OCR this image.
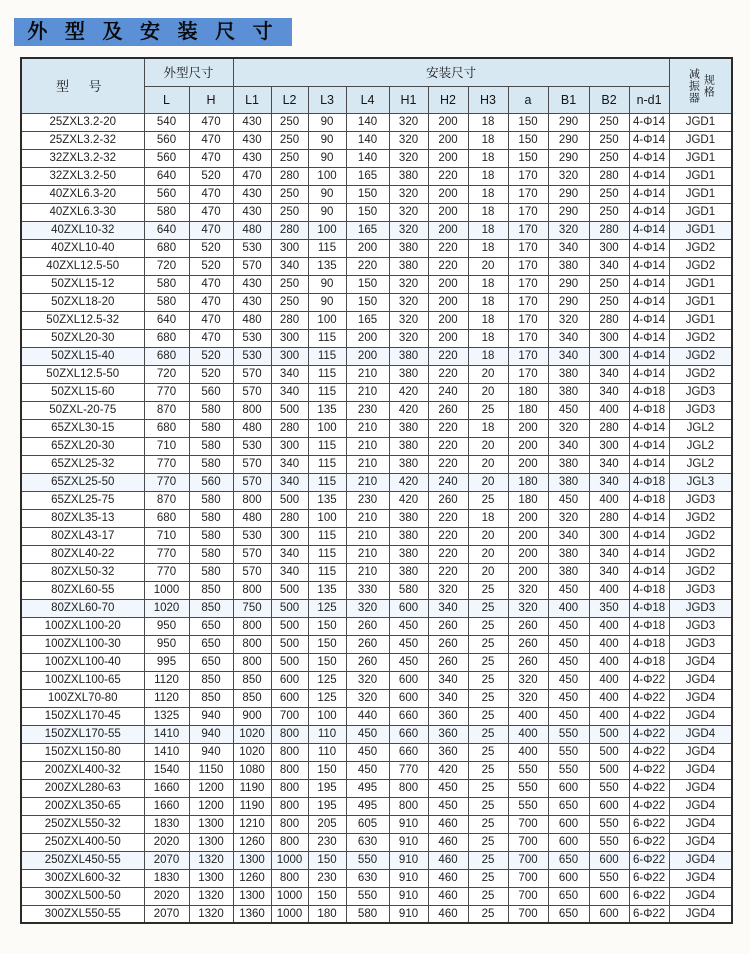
外 型 及 安 装 尺 寸
型 号	外型尺寸		安装尺寸											减振器 规格
	L	H	L1	L2	L3	L4	H1	H2	H3	a	B1	B2	n-d1	
25ZXL3.2-20	540	470	430	250	90	140	320	200	18	150	290	250	4-Φ14	JGD1
25ZXL3.2-32	560	470	430	250	90	140	320	200	18	150	290	250	4-Φ14	JGD1
32ZXL3.2-32	560	470	430	250	90	140	320	200	18	150	290	250	4-Φ14	JGD1
32ZXL3.2-50	640	520	470	280	100	165	380	220	18	170	320	280	4-Φ14	JGD1
40ZXL6.3-20	560	470	430	250	90	150	320	200	18	170	290	250	4-Φ14	JGD1
40ZXL6.3-30	580	470	430	250	90	150	320	200	18	170	290	250	4-Φ14	JGD1
40ZXL10-32	640	470	480	280	100	165	320	200	18	170	320	280	4-Φ14	JGD1
40ZXL10-40	680	520	530	300	115	200	380	220	18	170	340	300	4-Φ14	JGD2
40ZXL12.5-50	720	520	570	340	135	220	380	220	20	170	380	340	4-Φ14	JGD2
50ZXL15-12	580	470	430	250	90	150	320	200	18	170	290	250	4-Φ14	JGD1
50ZXL18-20	580	470	430	250	90	150	320	200	18	170	290	250	4-Φ14	JGD1
50ZXL12.5-32	640	470	480	280	100	165	320	200	18	170	320	280	4-Φ14	JGD1
50ZXL20-30	680	470	530	300	115	200	320	200	18	170	340	300	4-Φ14	JGD2
50ZXL15-40	680	520	530	300	115	200	380	220	18	170	340	300	4-Φ14	JGD2
50ZXL12.5-50	720	520	570	340	115	210	380	220	20	170	380	340	4-Φ14	JGD2
50ZXL15-60	770	560	570	340	115	210	420	240	20	180	380	340	4-Φ18	JGD3
50ZXL-20-75	870	580	800	500	135	230	420	260	25	180	450	400	4-Φ18	JGD3
65ZXL30-15	680	580	480	280	100	210	380	220	18	200	320	280	4-Φ14	JGL2
65ZXL20-30	710	580	530	300	115	210	380	220	20	200	340	300	4-Φ14	JGL2
65ZXL25-32	770	580	570	340	115	210	380	220	20	200	380	340	4-Φ14	JGL2
65ZXL25-50	770	560	570	340	115	210	420	240	20	180	380	340	4-Φ18	JGL3
65ZXL25-75	870	580	800	500	135	230	420	260	25	180	450	400	4-Φ18	JGD3
80ZXL35-13	680	580	480	280	100	210	380	220	18	200	320	280	4-Φ14	JGD2
80ZXL43-17	710	580	530	300	115	210	380	220	20	200	340	300	4-Φ14	JGD2
80ZXL40-22	770	580	570	340	115	210	380	220	20	200	380	340	4-Φ14	JGD2
80ZXL50-32	770	580	570	340	115	210	380	220	20	200	380	340	4-Φ14	JGD2
80ZXL60-55	1000	850	800	500	135	330	580	320	25	320	450	400	4-Φ18	JGD3
80ZXL60-70	1020	850	750	500	125	320	600	340	25	320	400	350	4-Φ18	JGD3
100ZXL100-20	950	650	800	500	150	260	450	260	25	260	450	400	4-Φ18	JGD3
100ZXL100-30	950	650	800	500	150	260	450	260	25	260	450	400	4-Φ18	JGD3
100ZXL100-40	995	650	800	500	150	260	450	260	25	260	450	400	4-Φ18	JGD4
100ZXL100-65	1120	850	850	600	125	320	600	340	25	320	450	400	4-Φ22	JGD4
100ZXL70-80	1120	850	850	600	125	320	600	340	25	320	450	400	4-Φ22	JGD4
150ZXL170-45	1325	940	900	700	100	440	660	360	25	400	450	400	4-Φ22	JGD4
150ZXL170-55	1410	940	1020	800	110	450	660	360	25	400	550	500	4-Φ22	JGD4
150ZXL150-80	1410	940	1020	800	110	450	660	360	25	400	550	500	4-Φ22	JGD4
200ZXL400-32	1540	1150	1080	800	150	450	770	420	25	550	550	500	4-Φ22	JGD4
200ZXL280-63	1660	1200	1190	800	195	495	800	450	25	550	600	550	4-Φ22	JGD4
200ZXL350-65	1660	1200	1190	800	195	495	800	450	25	550	650	600	4-Φ22	JGD4
250ZXL550-32	1830	1300	1210	800	205	605	910	460	25	700	600	550	6-Φ22	JGD4
250ZXL400-50	2020	1300	1260	800	230	630	910	460	25	700	600	550	6-Φ22	JGD4
250ZXL450-55	2070	1320	1300	1000	150	550	910	460	25	700	650	600	6-Φ22	JGD4
300ZXL600-32	1830	1300	1260	800	230	630	910	460	25	700	600	550	6-Φ22	JGD4
300ZXL500-50	2020	1320	1300	1000	150	550	910	460	25	700	650	600	6-Φ22	JGD4
300ZXL550-55	2070	1320	1360	1000	180	580	910	460	25	700	650	600	6-Φ22	JGD4
